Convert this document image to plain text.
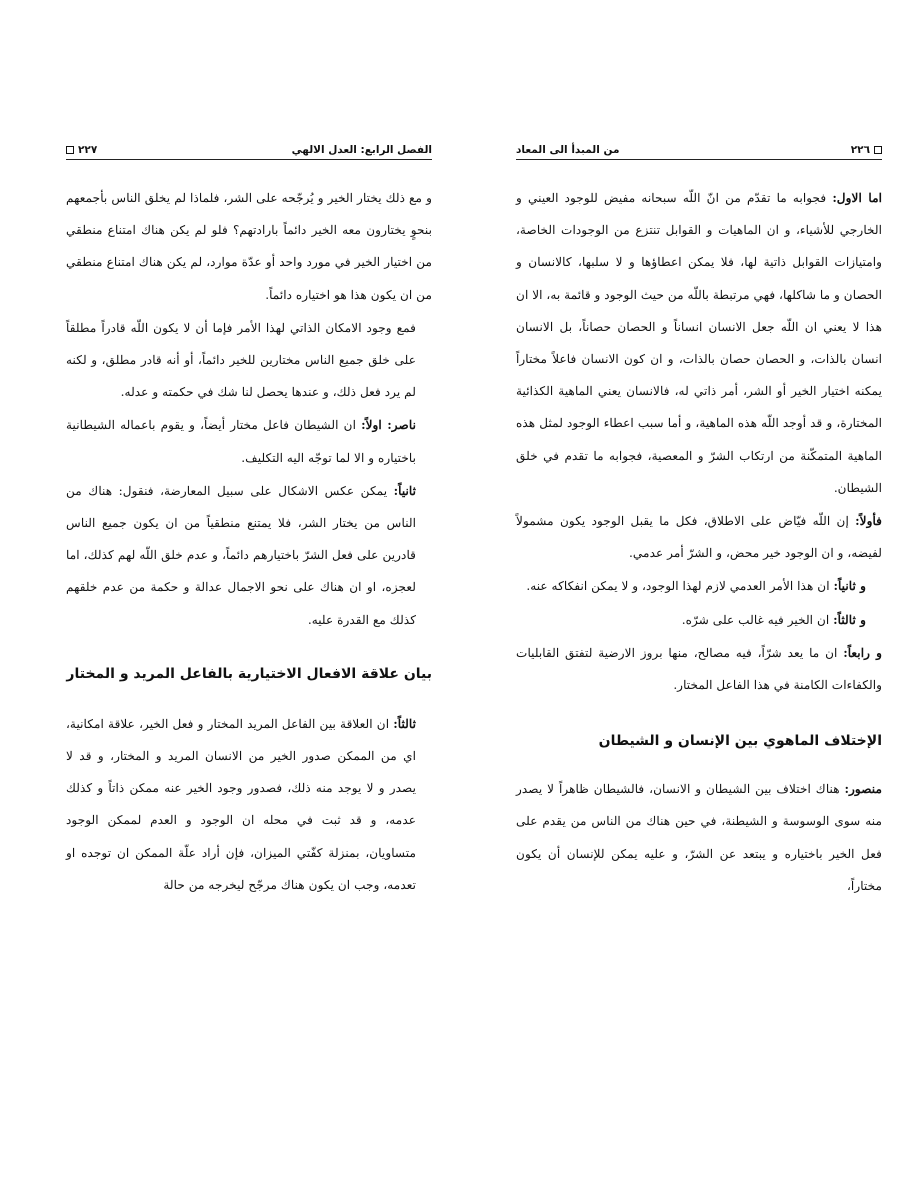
الفصل الرابع: العدل الالهي
٢٢٧

و مع ذلك يختار الخير و يُرجّحه على الشر، فلماذا لم يخلق الناس بأجمعهم بنحوٍ يختارون معه الخير دائماً بارادتهم؟ فلو لم يكن هناك امتناع منطقي من اختيار الخير في مورد واحد أو عدّة موارد، لم يكن هناك امتناع منطقي من ان يكون هذا هو اختياره دائماً.

فمع وجود الامكان الذاتي لهذا الأمر فإما أن لا يكون اللّه قادراً مطلقاً على خلق جميع الناس مختارين للخير دائماً، أو أنه قادر مطلق، و لكنه لم يرد فعل ذلك، و عندها يحصل لنا شك في حكمته و عدله.

ناصر: اولاً: ان الشيطان فاعل مختار أيضاً، و يقوم باعماله الشيطانية باختياره و الا لما توجّه اليه التكليف.

ثانياً: يمكن عكس الاشكال على سبيل المعارضة، فنقول: هناك من الناس من يختار الشر، فلا يمتنع منطقياً من ان يكون جميع الناس قادرين على فعل الشرّ باختيارهم دائماً، و عدم خلق اللّه لهم كذلك، اما لعجزه، او ان هناك على نحو الاجمال عدالة و حكمة من عدم خلقهم كذلك مع القدرة عليه.

بيان علاقة الافعال الاختيارية بالفاعل المريد و المختار

ثالثاً: ان العلاقة بين الفاعل المريد المختار و فعل الخير، علاقة امكانية، اي من الممكن صدور الخير من الانسان المريد و المختار، و قد لا يصدر و لا يوجد منه ذلك، فصدور وجود الخير عنه ممكن ذاتاً و كذلك عدمه، و قد ثبت في محله ان الوجود و العدم لممكن الوجود متساويان، بمنزلة كفّتي الميزان، فإن أراد علّة الممكن ان توجده او تعدمه، وجب ان يكون هناك مرجّح ليخرجه من حالة

٢٢٦
من المبدأ الى المعاد

اما الاول: فجوابه ما تقدّم من انّ اللّه سبحانه مفيض للوجود العيني و الخارجي للأشياء، و ان الماهيات و القوابل تنتزع من الوجودات الخاصة، وامتيازات القوابل ذاتية لها، فلا يمكن اعطاؤها و لا سلبها، كالانسان و الحصان و ما شاكلها، فهي مرتبطة باللّه من حيث الوجود و قائمة به، الا ان هذا لا يعني ان اللّه جعل الانسان انساناً و الحصان حصاناً، بل الانسان انسان بالذات، و الحصان حصان بالذات، و ان كون الانسان فاعلاً مختاراً يمكنه اختيار الخير أو الشر، أمر ذاتي له، فالانسان يعني الماهية الكذائية المختارة، و قد أوجد اللّه هذه الماهية، و أما سبب اعطاء الوجود لمثل هذه الماهية المتمكّنة من ارتكاب الشرّ و المعصية، فجوابه ما تقدم في خلق الشيطان.

فأولاً: إن اللّه فيّاض على الاطلاق، فكل ما يقبل الوجود يكون مشمولاً لفيضه، و ان الوجود خير محض، و الشرّ أمر عدمي.

و ثانياً: ان هذا الأمر العدمي لازم لهذا الوجود، و لا يمكن انفكاكه عنه.

و ثالثاً: ان الخير فيه غالب على شرّه.

و رابعاً: ان ما يعد شرّاً، فيه مصالح، منها بروز الارضية لتفتق القابليات والكفاءات الكامنة في هذا الفاعل المختار.

الإختلاف الماهوي بين الإنسان و الشيطان

منصور: هناك اختلاف بين الشيطان و الانسان، فالشيطان ظاهراً لا يصدر منه سوى الوسوسة و الشيطنة، في حين هناك من الناس من يقدم على فعل الخير باختياره و يبتعد عن الشرّ، و عليه يمكن للإنسان أن يكون مختاراً،
